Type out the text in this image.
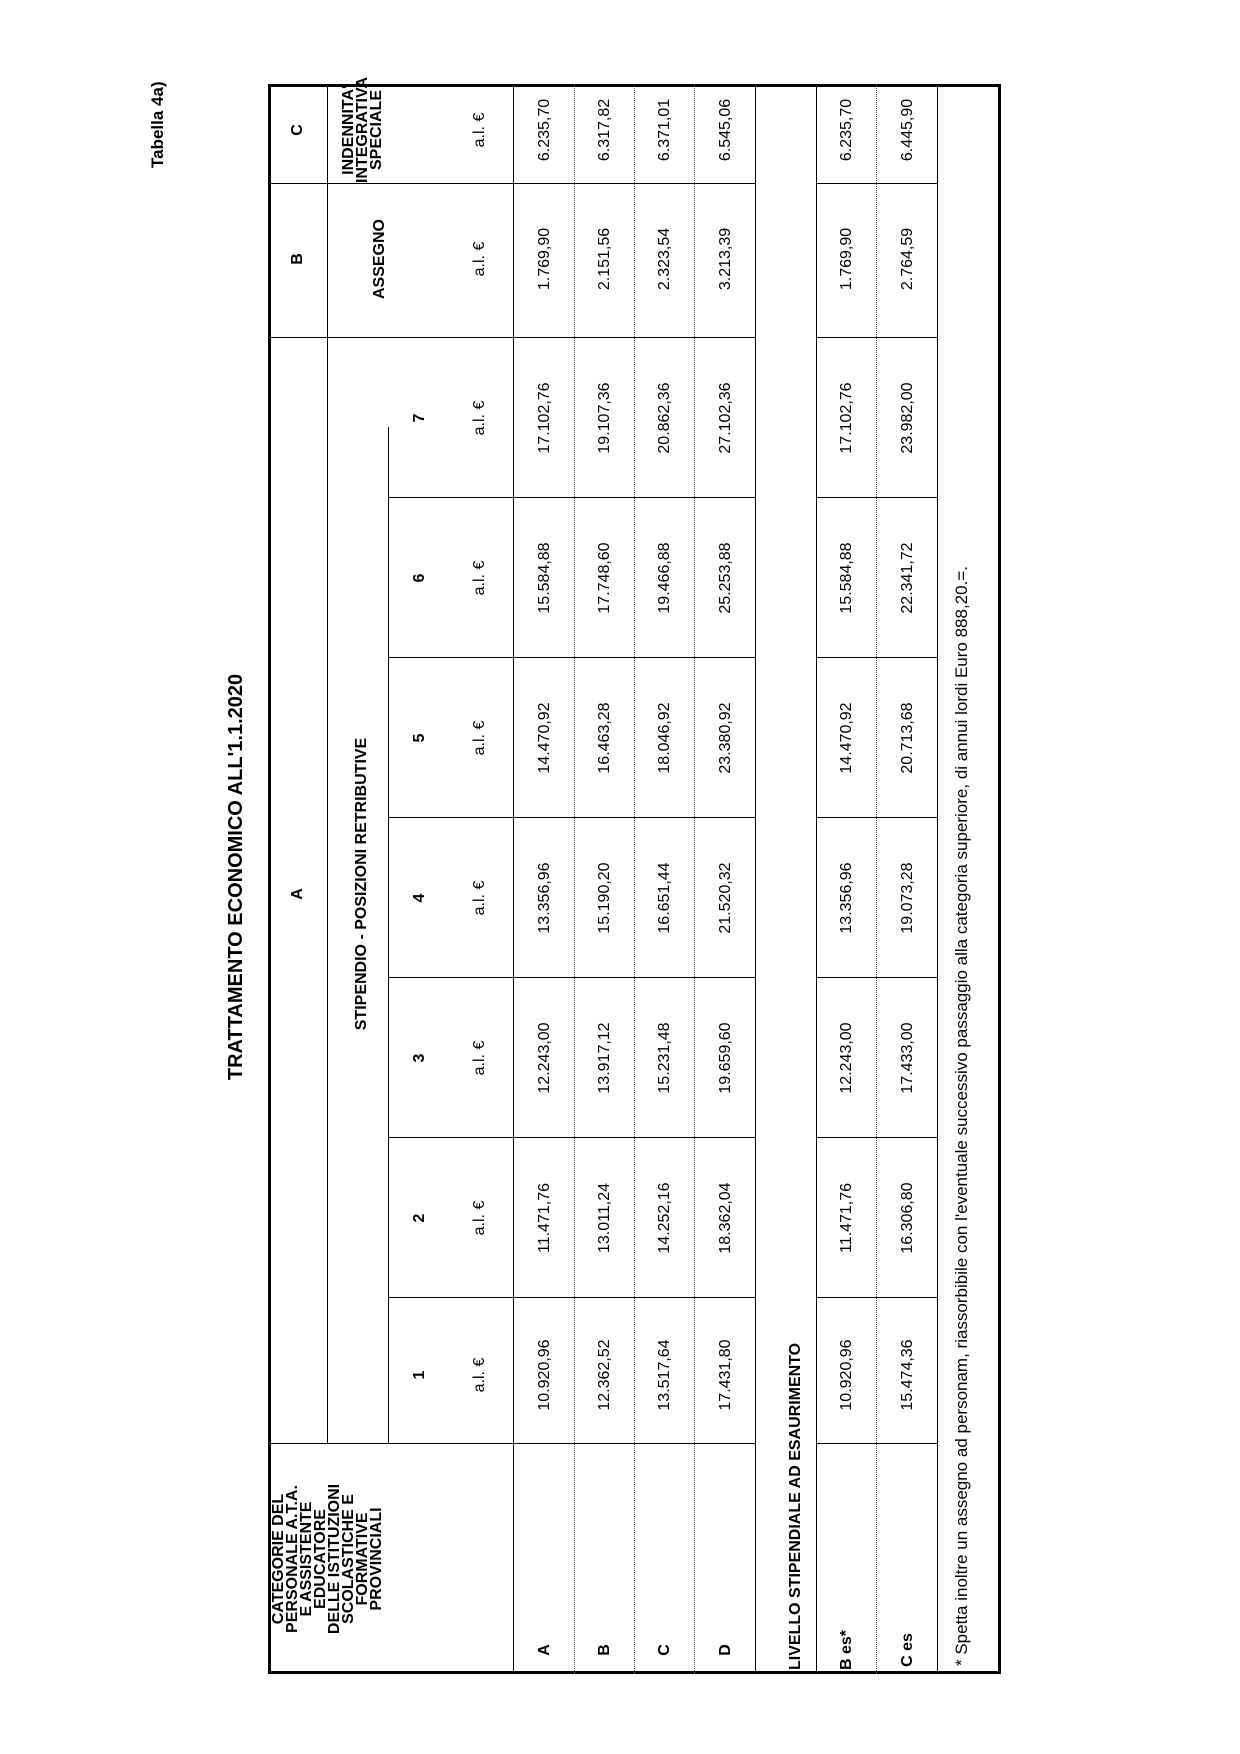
Tabella 4a)
TRATTAMENTO ECONOMICO ALL'1.1.2020
CATEGORIE DEL
PERSONALE A.T.A.
E ASSISTENTE
EDUCATORE
DELLE ISTITUZIONI
SCOLASTICHE E
FORMATIVE
PROVINCIALI
A
B
C
STIPENDIO - POSIZIONI RETRIBUTIVE
ASSEGNO
INDENNITA'
INTEGRATIVA
SPECIALE
1
2
3
4
5
6
7
a.l. €
a.l. €
a.l. €
a.l. €
a.l. €
a.l. €
a.l. €
a.l. €
a.l. €
A
10.920,96
11.471,76
12.243,00
13.356,96
14.470,92
15.584,88
17.102,76
1.769,90
6.235,70
B
12.362,52
13.011,24
13.917,12
15.190,20
16.463,28
17.748,60
19.107,36
2.151,56
6.317,82
C
13.517,64
14.252,16
15.231,48
16.651,44
18.046,92
19.466,88
20.862,36
2.323,54
6.371,01
D
17.431,80
18.362,04
19.659,60
21.520,32
23.380,92
25.253,88
27.102,36
3.213,39
6.545,06
LIVELLO STIPENDIALE AD ESAURIMENTO B es*
10.920,96
11.471,76
12.243,00
13.356,96
14.470,92
15.584,88
17.102,76
1.769,90
6.235,70
C es
15.474,36
16.306,80
17.433,00
19.073,28
20.713,68
22.341,72
23.982,00
2.764,59
6.445,90
* Spetta inoltre un assegno ad personam, riassorbibile con l'eventuale successivo passaggio alla categoria superiore, di annui lordi Euro 888,20.=.
